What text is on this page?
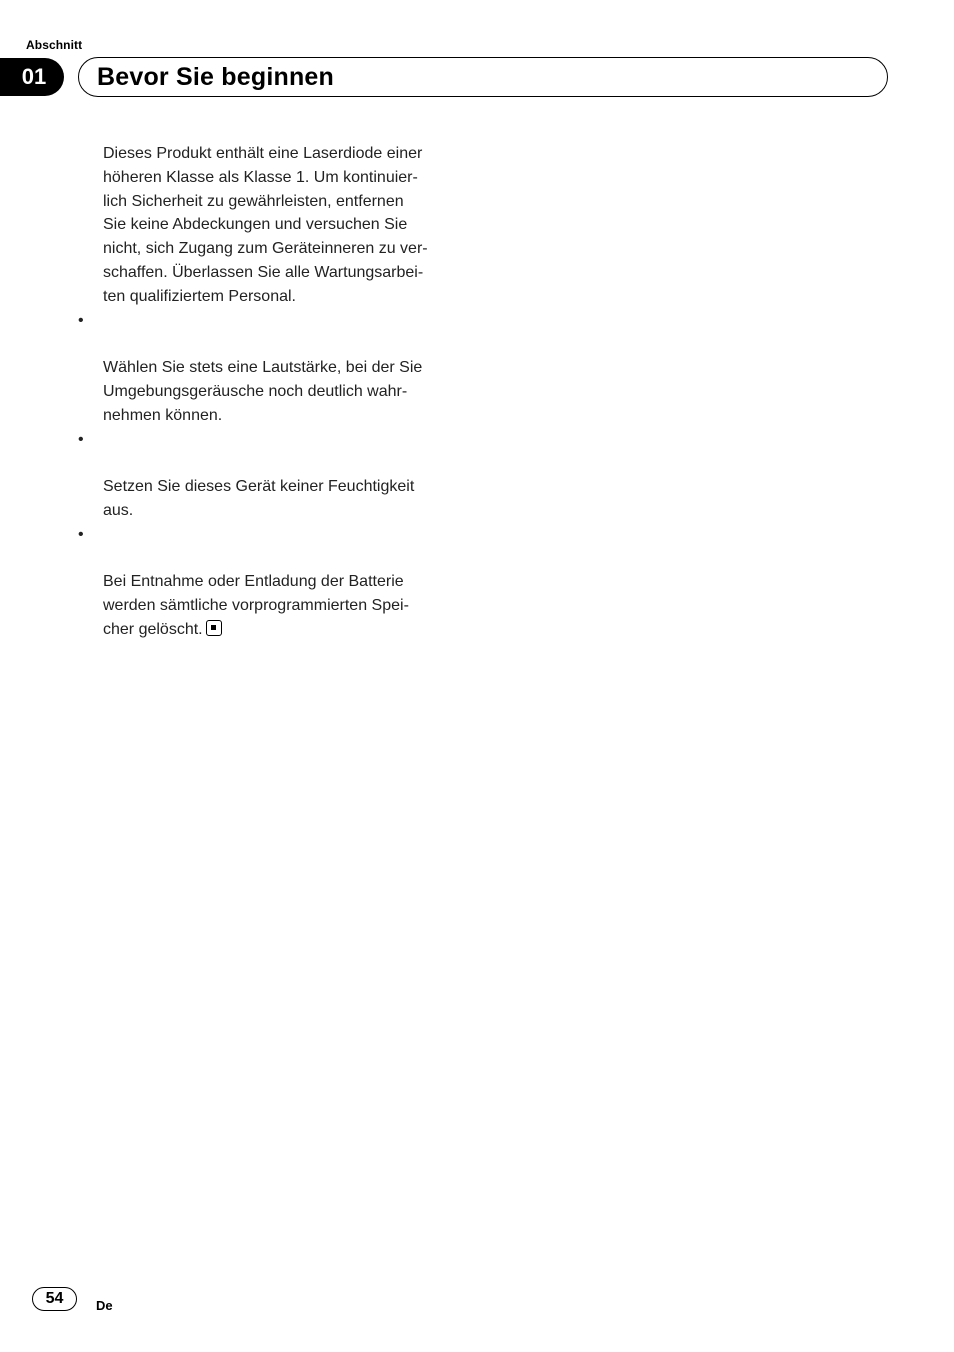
Abschnitt
01	Bevor Sie beginnen

Dieses Produkt enthält eine Laserdiode einer
höheren Klasse als Klasse 1. Um kontinuier-
lich Sicherheit zu gewährleisten, entfernen
Sie keine Abdeckungen und versuchen Sie
nicht, sich Zugang zum Geräteinneren zu ver-
schaffen. Überlassen Sie alle Wartungsarbei-
ten qualifiziertem Personal.

•

Wählen Sie stets eine Lautstärke, bei der Sie
Umgebungsgeräusche noch deutlich wahr-
nehmen können.

•

Setzen Sie dieses Gerät keiner Feuchtigkeit
aus.

•

Bei Entnahme oder Entladung der Batterie
werden sämtliche vorprogrammierten Spei-
cher gelöscht.

54	De
